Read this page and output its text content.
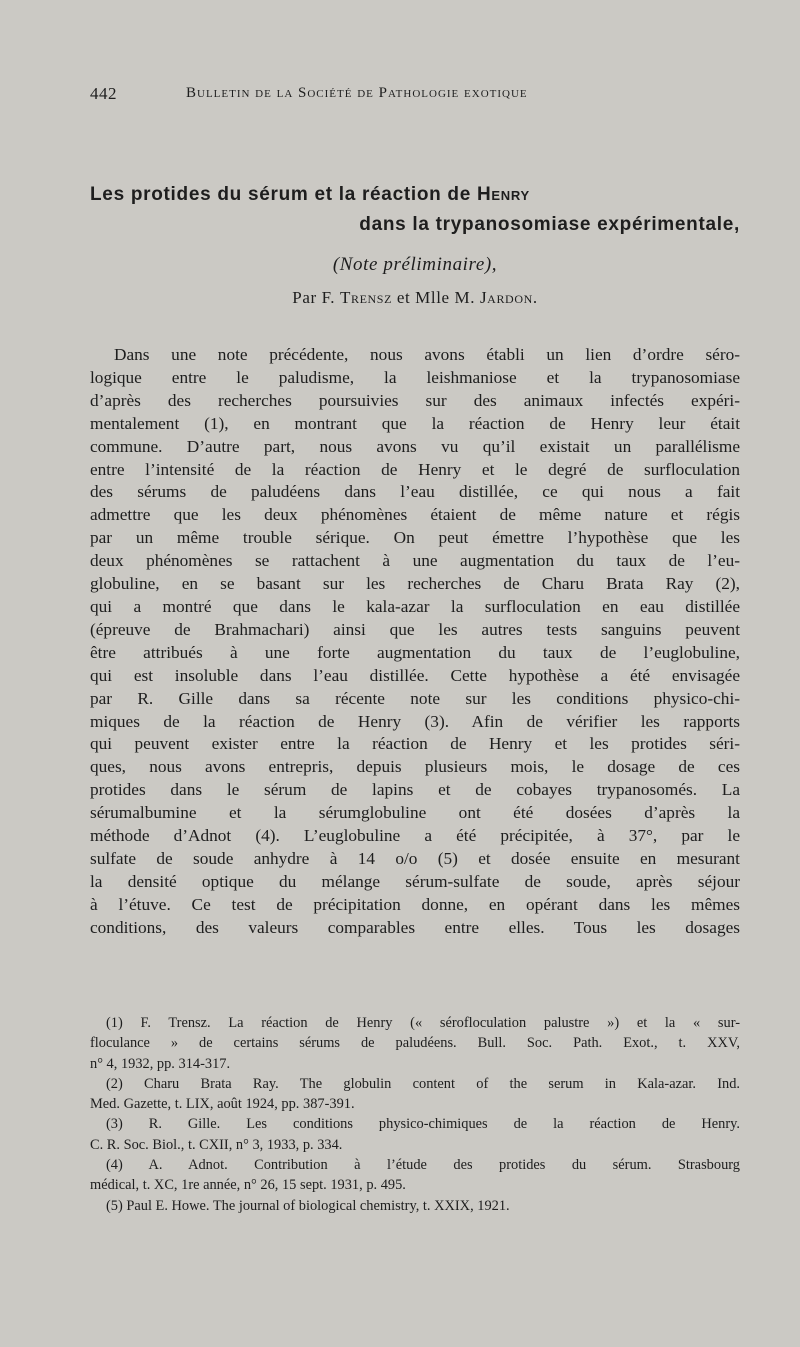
442	Bulletin de la Société de Pathologie exotique

Les protides du sérum et la réaction de Henry

dans la trypanosomiase expérimentale,

(Note préliminaire),
Par F. Trensz et Mlle M. Jardon.
Dans une note précédente, nous avons établi un lien d’ordre séro-
logique entre le paludisme, la leishmaniose et la trypanosomiase
d’après des recherches poursuivies sur des animaux infectés expéri-
mentalement (1), en montrant que la réaction de Henry leur était
commune. D’autre part, nous avons vu qu’il existait un parallélisme
entre l’intensité de la réaction de Henry et le degré de surfloculation
des sérums de paludéens dans l’eau distillée, ce qui nous a fait
admettre que les deux phénomènes étaient de même nature et régis
par un même trouble sérique. On peut émettre l’hypothèse que les
deux phénomènes se rattachent à une augmentation du taux de l’eu-
globuline, en se basant sur les recherches de Charu Brata Ray (2),
qui a montré que dans le kala-azar la surfloculation en eau distillée
(épreuve de Brahmachari) ainsi que les autres tests sanguins peuvent
être attribués à une forte augmentation du taux de l’euglobuline,
qui est insoluble dans l’eau distillée. Cette hypothèse a été envisagée
par R. Gille dans sa récente note sur les conditions physico-chi-
miques de la réaction de Henry (3). Afin de vérifier les rapports
qui peuvent exister entre la réaction de Henry et les protides séri-
ques, nous avons entrepris, depuis plusieurs mois, le dosage de ces
protides dans le sérum de lapins et de cobayes trypanosomés. La
sérumalbumine et la sérumglobuline ont été dosées d’après la
méthode d’Adnot (4). L’euglobuline a été précipitée, à 37°, par le
sulfate de soude anhydre à 14 o/o (5) et dosée ensuite en mesurant
la densité optique du mélange sérum-sulfate de soude, après séjour
à l’étuve. Ce test de précipitation donne, en opérant dans les mêmes
conditions, des valeurs comparables entre elles. Tous les dosages
(1) F. Trensz. La réaction de Henry (« sérofloculation palustre ») et la « sur-
floculance » de certains sérums de paludéens. Bull. Soc. Path. Exot., t. XXV,
n° 4, 1932, pp. 314-317.
(2) Charu Brata Ray. The globulin content of the serum in Kala-azar. Ind.
Med. Gazette, t. LIX, août 1924, pp. 387-391.
(3) R. Gille. Les conditions physico-chimiques de la réaction de Henry.
C. R. Soc. Biol., t. CXII, n° 3, 1933, p. 334.
(4) A. Adnot. Contribution à l’étude des protides du sérum. Strasbourg
médical, t. XC, 1re année, n° 26, 15 sept. 1931, p. 495.
(5) Paul E. Howe. The journal of biological chemistry, t. XXIX, 1921.
